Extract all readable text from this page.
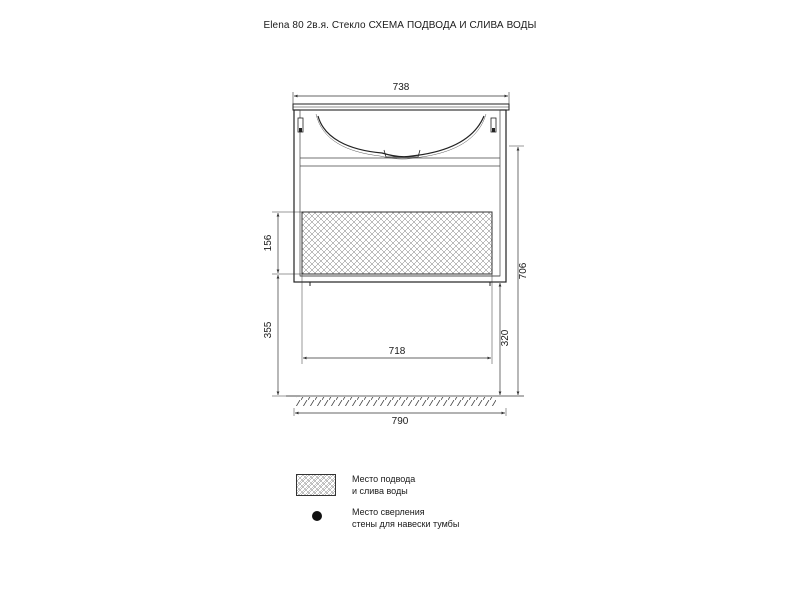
Elena 80 2в.я. Стекло СХЕМА ПОДВОДА И СЛИВА ВОДЫ
738
156
355
718
320
706
790
Место подвода
и слива воды
Место сверления
стены для навески тумбы
